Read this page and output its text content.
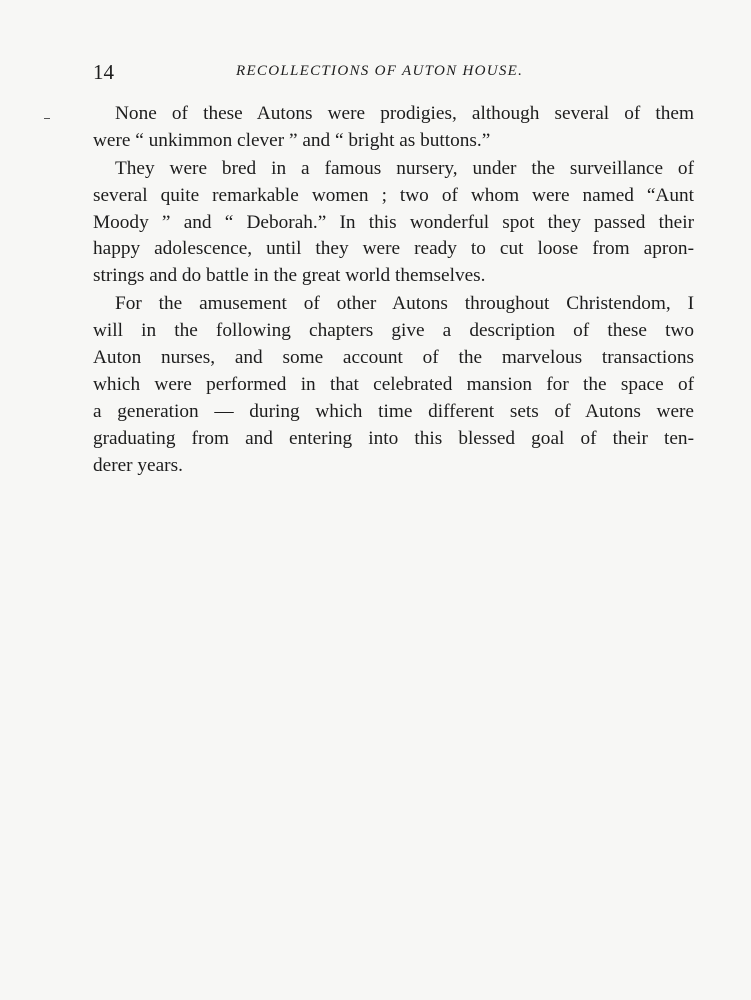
14	RECOLLECTIONS OF AUTON HOUSE.
None of these Autons were prodigies, although several of them
were “ unkimmon clever ” and “ bright as buttons.”
They were bred in a famous nursery, under the surveillance of
several quite remarkable women ; two of whom were named “Aunt
Moody ” and “ Deborah.” In this wonderful spot they passed their
happy adolescence, until they were ready to cut loose from apron-
strings and do battle in the great world themselves.
For the amusement of other Autons throughout Christendom, I
will in the following chapters give a description of these two
Auton nurses, and some account of the marvelous transactions
which were performed in that celebrated mansion for the space of
a generation — during which time different sets of Autons were
graduating from and entering into this blessed goal of their ten-
derer years.
